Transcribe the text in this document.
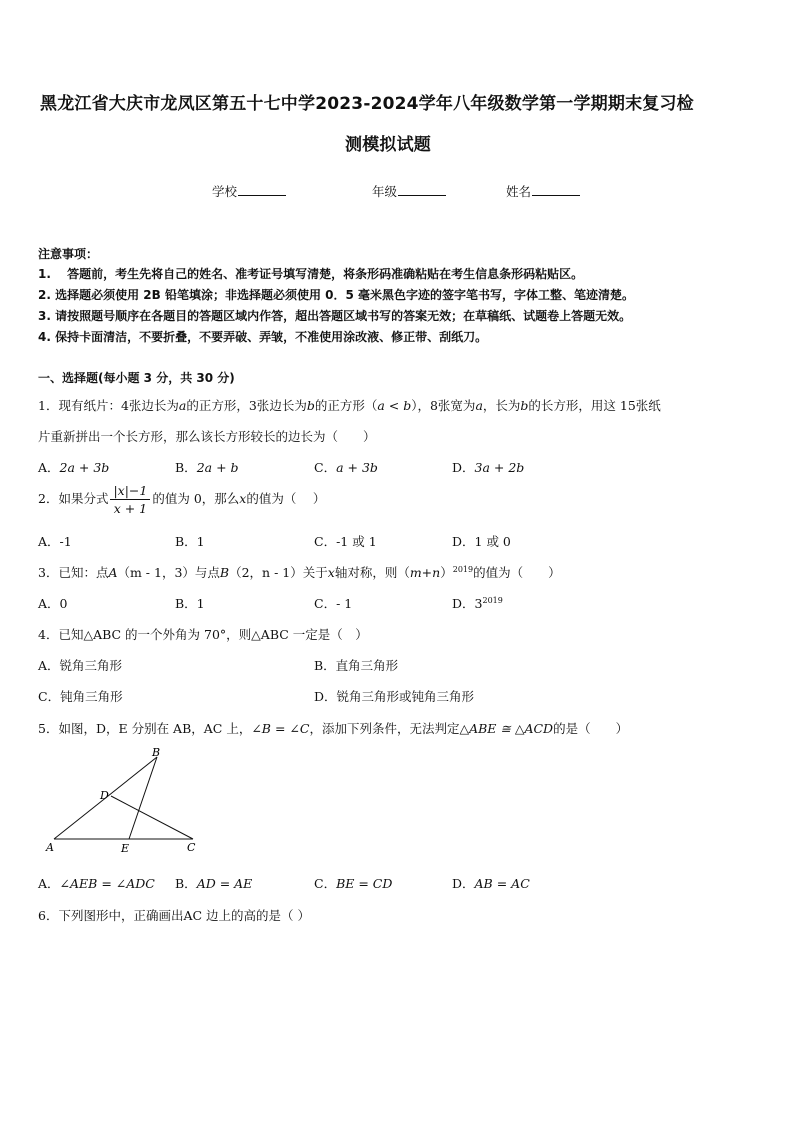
黑龙江省大庆市龙凤区第五十七中学2023-2024学年八年级数学第一学期期末复习检
测模拟试题
学校	年级	姓名
注意事项：
1.　 答题前，考生先将自己的姓名、准考证号填写清楚，将条形码准确粘贴在考生信息条形码粘贴区。
2. 选择题必须使用 2B 铅笔填涂；非选择题必须使用 0．5 毫米黑色字迹的签字笔书写，字体工整、笔迹清楚。
3. 请按照题号顺序在各题目的答题区域内作答，超出答题区域书写的答案无效；在草稿纸、试题卷上答题无效。
4. 保持卡面清洁，不要折叠，不要弄破、弄皱，不准使用涂改液、修正带、刮纸刀。
一、选择题(每小题 3 分，共 30 分)
1．现有纸片：4张边长为a的正方形，3张边长为b的正方形（a < b），8张宽为a，长为b的长方形，用这 15张纸
片重新拼出一个长方形，那么该长方形较长的边长为（　　）
A．2a + 3b	B．2a + b	C．a + 3b	D．3a + 2b
2．如果分式 $\frac{|x|-1}{x + 1}$ 的值为 0，那么x的值为（　 ）
A．-1	B．1	C．-1 或 1	D．1 或 0
3．已知：点A（m - 1，3）与点B（2，n - 1）关于x轴对称，则$(m+n)^{2019}$的值为（　　）
A．0	B．1	C．- 1	D．$3^{2019}$
4．已知△ABC 的一个外角为 70°，则△ABC 一定是（　）
A．锐角三角形	B．直角三角形
C．钝角三角形	D．锐角三角形或钝角三角形
5．如图，D，E 分别在 AB，AC 上，∠B = ∠C，添加下列条件，无法判定△ABE ≅ △ACD的是（　　）
A
B
C
D
E
A．∠AEB = ∠ADC B．AD = AE	C．BE = CD	D．AB = AC
6．下列图形中，正确画出AC 边上的高的是（ ）
